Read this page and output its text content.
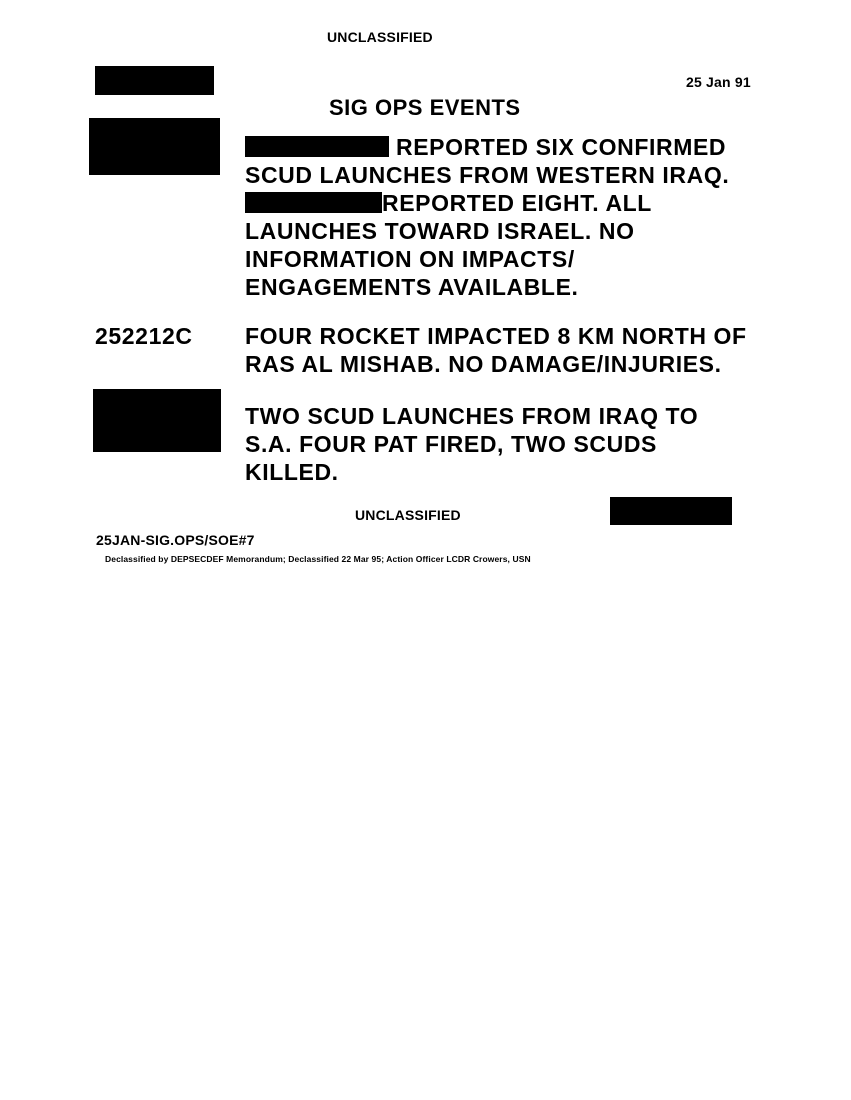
UNCLASSIFIED
25 Jan 91
SIG OPS EVENTS
REPORTED SIX CONFIRMED
SCUD LAUNCHES FROM WESTERN IRAQ.
REPORTED EIGHT. ALL
LAUNCHES TOWARD ISRAEL. NO
INFORMATION ON IMPACTS/
ENGAGEMENTS AVAILABLE.
252212C FOUR ROCKET IMPACTED 8 KM NORTH OF
RAS AL MISHAB. NO DAMAGE/INJURIES.
TWO SCUD LAUNCHES FROM IRAQ TO
S.A. FOUR PAT FIRED, TWO SCUDS
KILLED.
UNCLASSIFIED
25JAN-SIG.OPS/SOE#7
Declassified by DEPSECDEF Memorandum; Declassified 22 Mar 95; Action Officer LCDR Crowers, USN
